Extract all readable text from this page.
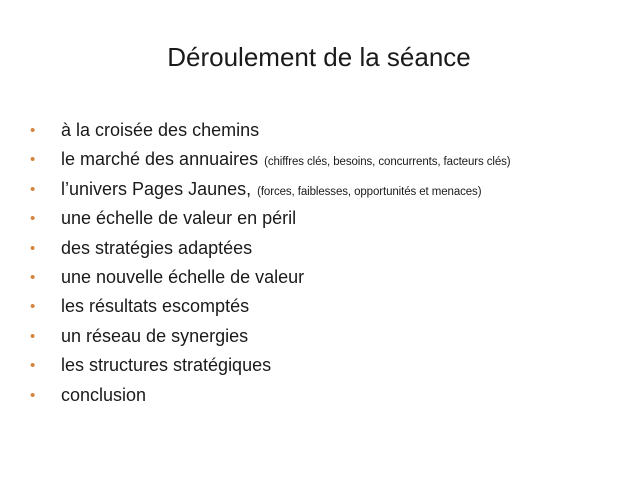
Déroulement de la séance
•	à la croisée des chemins
•	le marché des annuaires (chiffres clés, besoins, concurrents, facteurs clés)
•	l’univers Pages Jaunes, (forces, faiblesses, opportunités et menaces)
•	une échelle de valeur en péril
•	des stratégies adaptées
•	une nouvelle échelle de valeur
•	les résultats escomptés
•	un réseau de synergies
•	les structures stratégiques
•	conclusion
